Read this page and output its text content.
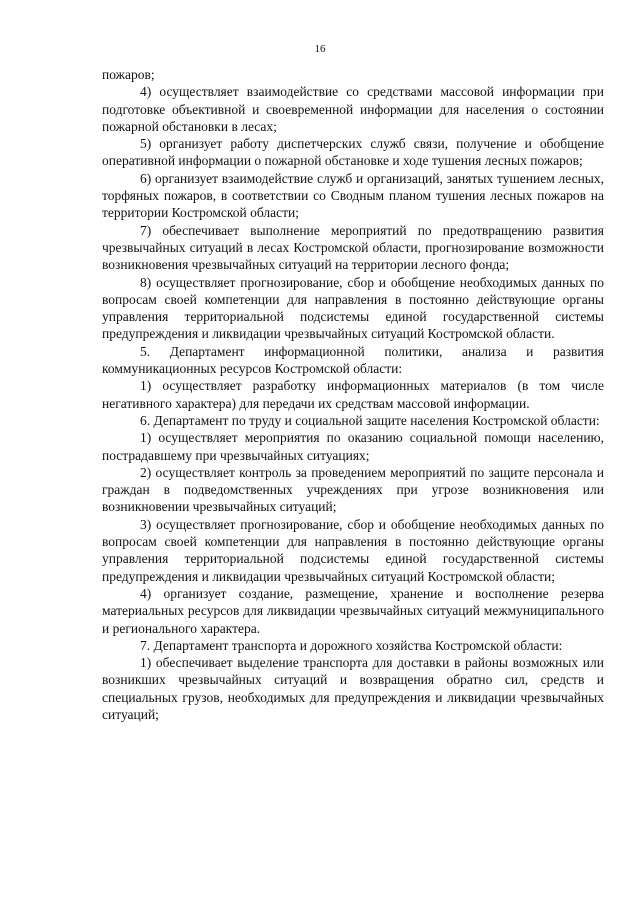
16

пожаров;

4) осуществляет взаимодействие со средствами массовой информации при подготовке объективной и своевременной информации для населения о состоянии пожарной обстановки в лесах;

5) организует работу диспетчерских служб связи, получение и обобщение оперативной информации о пожарной обстановке и ходе тушения лесных пожаров;

6) организует взаимодействие служб и организаций, занятых тушением лесных, торфяных пожаров, в соответствии со Сводным планом тушения лесных пожаров на территории Костромской области;

7) обеспечивает выполнение мероприятий по предотвращению развития чрезвычайных ситуаций в лесах Костромской области, прогнозирование возможности возникновения чрезвычайных ситуаций на территории лесного фонда;

8) осуществляет прогнозирование, сбор и обобщение необходимых данных по вопросам своей компетенции для направления в постоянно действующие органы управления территориальной подсистемы единой государственной системы предупреждения и ликвидации чрезвычайных ситуаций Костромской области.

5. Департамент информационной политики, анализа и развития коммуникационных ресурсов Костромской области:

1) осуществляет разработку информационных материалов (в том числе негативного характера) для передачи их средствам массовой информации.

6. Департамент по труду и социальной защите населения Костромской области:

1) осуществляет мероприятия по оказанию социальной помощи населению, пострадавшему при чрезвычайных ситуациях;

2) осуществляет контроль за проведением мероприятий по защите персонала и граждан в подведомственных учреждениях при угрозе возникновения или возникновении чрезвычайных ситуаций;

3) осуществляет прогнозирование, сбор и обобщение необходимых данных по вопросам своей компетенции для направления в постоянно действующие органы управления территориальной подсистемы единой государственной системы предупреждения и ликвидации чрезвычайных ситуаций Костромской области;

4) организует создание, размещение, хранение и восполнение резерва материальных ресурсов для ликвидации чрезвычайных ситуаций межмуниципального и регионального характера.

7. Департамент транспорта и дорожного хозяйства Костромской области:

1) обеспечивает выделение транспорта для доставки в районы возможных или возникших чрезвычайных ситуаций и возвращения обратно сил, средств и специальных грузов, необходимых для предупреждения и ликвидации чрезвычайных ситуаций;
